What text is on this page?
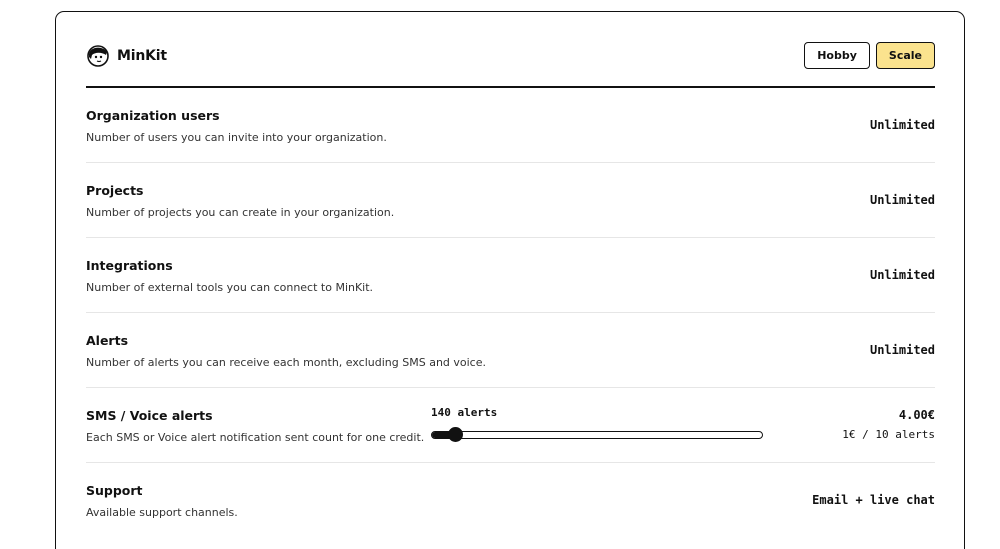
MinKit	Hobby	Scale
Organization users
Number of users you can invite into your organization.
Unlimited
Projects
Number of projects you can create in your organization.
Unlimited
Integrations
Number of external tools you can connect to MinKit.
Unlimited
Alerts
Number of alerts you can receive each month, excluding SMS and voice.
Unlimited
SMS / Voice alerts
Each SMS or Voice alert notification sent count for one credit.
140 alerts	4.00€
1€ / 10 alerts
Support
Available support channels.
Email + live chat
